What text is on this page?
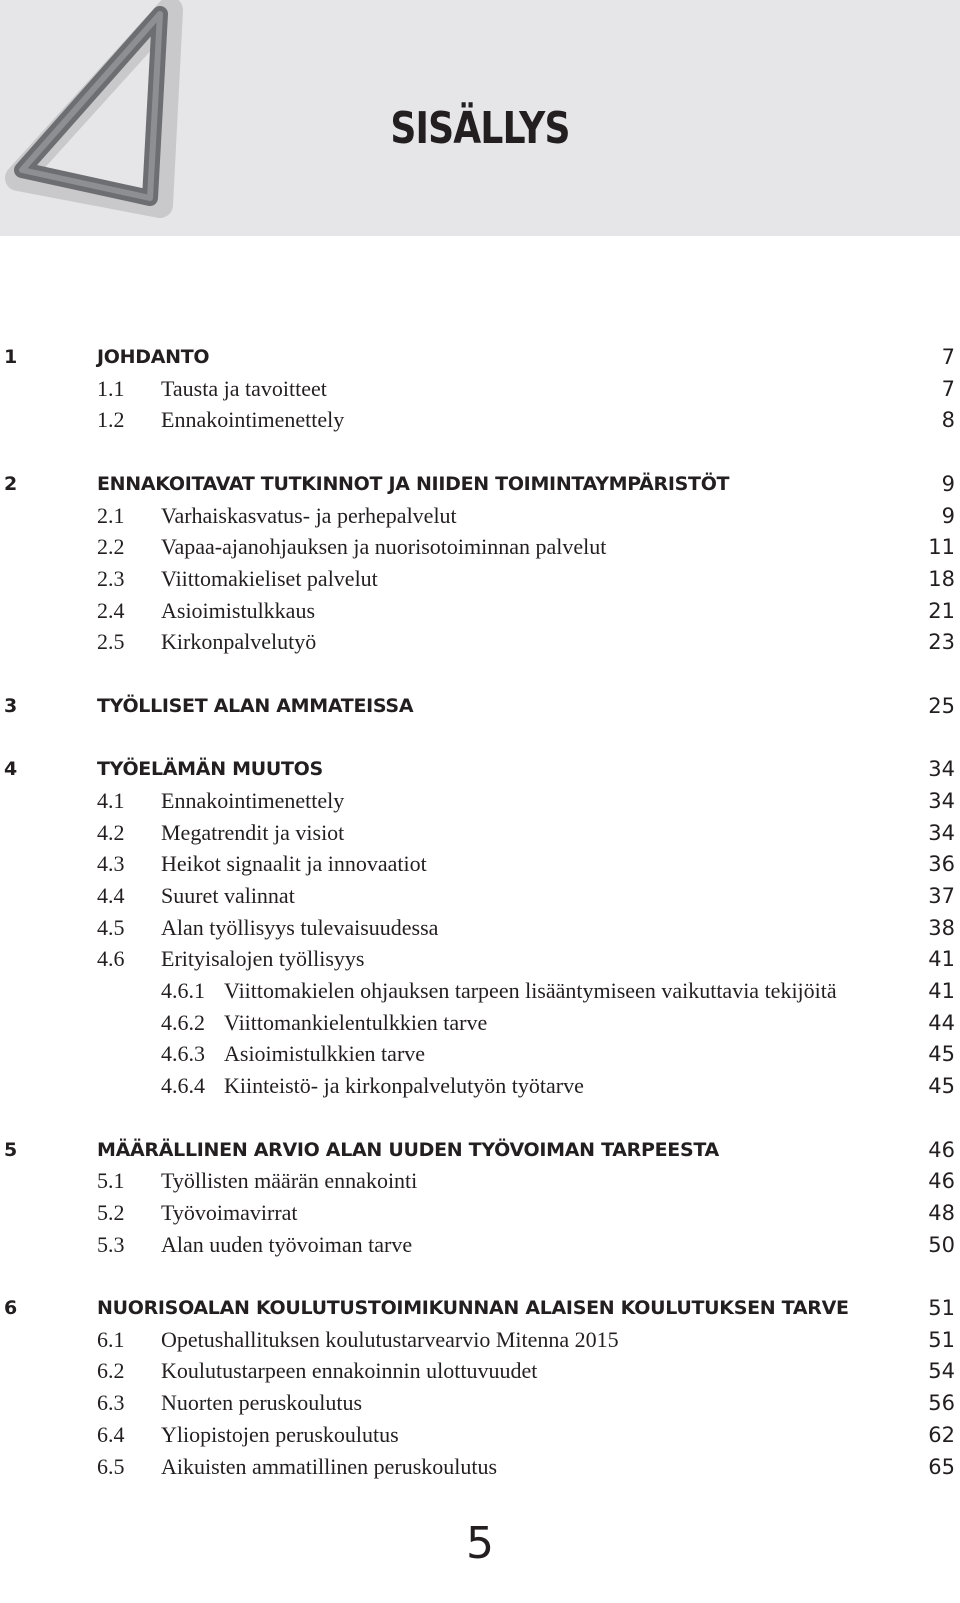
SISÄLLYS
1	JOHDANTO	7
1.1 Tausta ja tavoitteet	7
1.2 Ennakointimenettely	8
2	ENNAKOITAVAT TUTKINNOT JA NIIDEN TOIMINTAYMPÄRISTÖT	9
2.1 Varhaiskasvatus- ja perhepalvelut	9
2.2 Vapaa-ajanohjauksen ja nuorisotoiminnan palvelut	11
2.3 Viittomakieliset palvelut	18
2.4 Asioimistulkkaus	21
2.5 Kirkonpalvelutyö	23
3	TYÖLLISET ALAN AMMATEISSA	25
4	TYÖELÄMÄN MUUTOS	34
4.1 Ennakointimenettely	34
4.2 Megatrendit ja visiot	34
4.3 Heikot signaalit ja innovaatiot	36
4.4 Suuret valinnat	37
4.5 Alan työllisyys tulevaisuudessa	38
4.6 Erityisalojen työllisyys	41
4.6.1 Viittomakielen ohjauksen tarpeen lisääntymiseen vaikuttavia tekijöitä	41
4.6.2 Viittomankielentulkkien tarve	44
4.6.3 Asioimistulkkien tarve	45
4.6.4 Kiinteistö- ja kirkonpalvelutyön työtarve	45
5	MÄÄRÄLLINEN ARVIO ALAN UUDEN TYÖVOIMAN TARPEESTA	46
5.1 Työllisten määrän ennakointi	46
5.2 Työvoimavirrat	48
5.3 Alan uuden työvoiman tarve	50
6	NUORISOALAN KOULUTUSTOIMIKUNNAN ALAISEN KOULUTUKSEN TARVE	51
6.1 Opetushallituksen koulutustarvearvio Mitenna 2015	51
6.2 Koulutustarpeen ennakoinnin ulottuvuudet	54
6.3 Nuorten peruskoulutus	56
6.4 Yliopistojen peruskoulutus	62
6.5 Aikuisten ammatillinen peruskoulutus	65
5
